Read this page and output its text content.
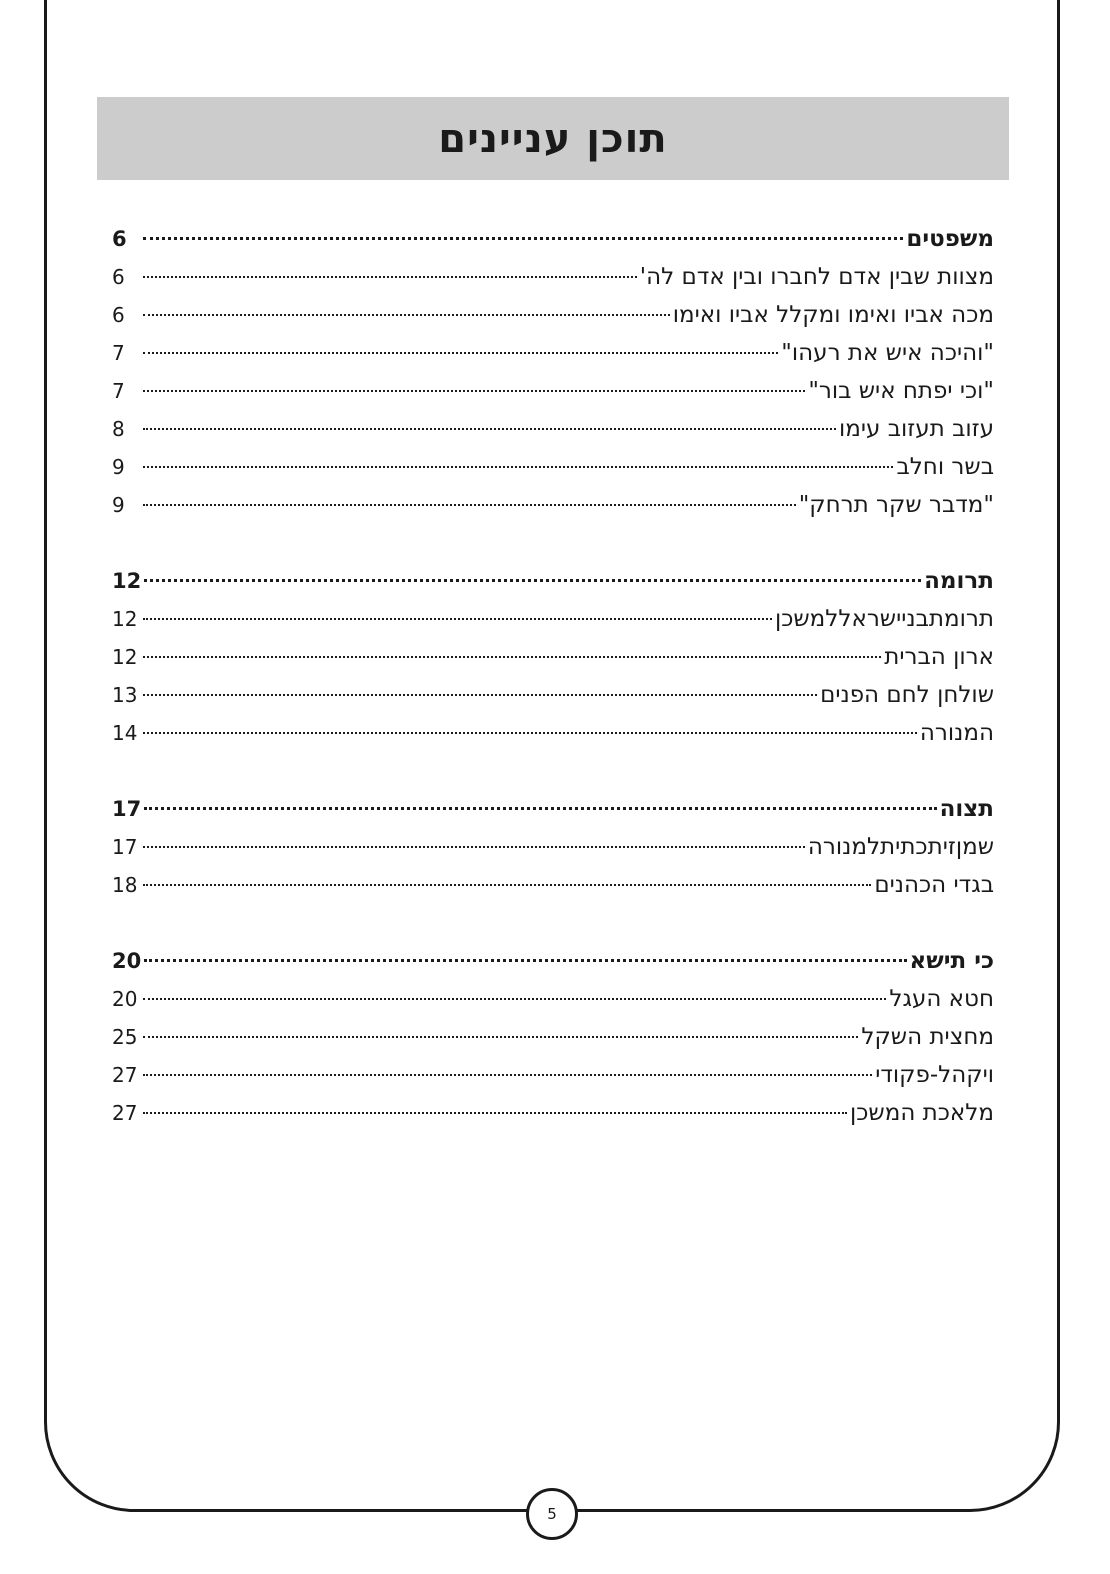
תוכן עניינים
משפטים
6
מצוות שבין אדם לחברו ובין אדם לה'
6
מכה אביו ואימו ומקלל אביו ואימו
6
"והיכה איש את רעהו"
7
"וכי יפתח איש בור"
7
עזוב תעזוב עימו
8
בשר וחלב
9
"מדבר שקר תרחק"
9
תרומה
12
תרומתבניישראללמשכן
12
ארון הברית
12
שולחן לחם הפנים
13
המנורה
14
תצוה
17
שמןזיתכתיתלמנורה
17
בגדי הכהנים
18
כי תישא
20
חטא העגל
20
מחצית השקל
25
ויקהל-פקודי
27
מלאכת המשכן
27
5
